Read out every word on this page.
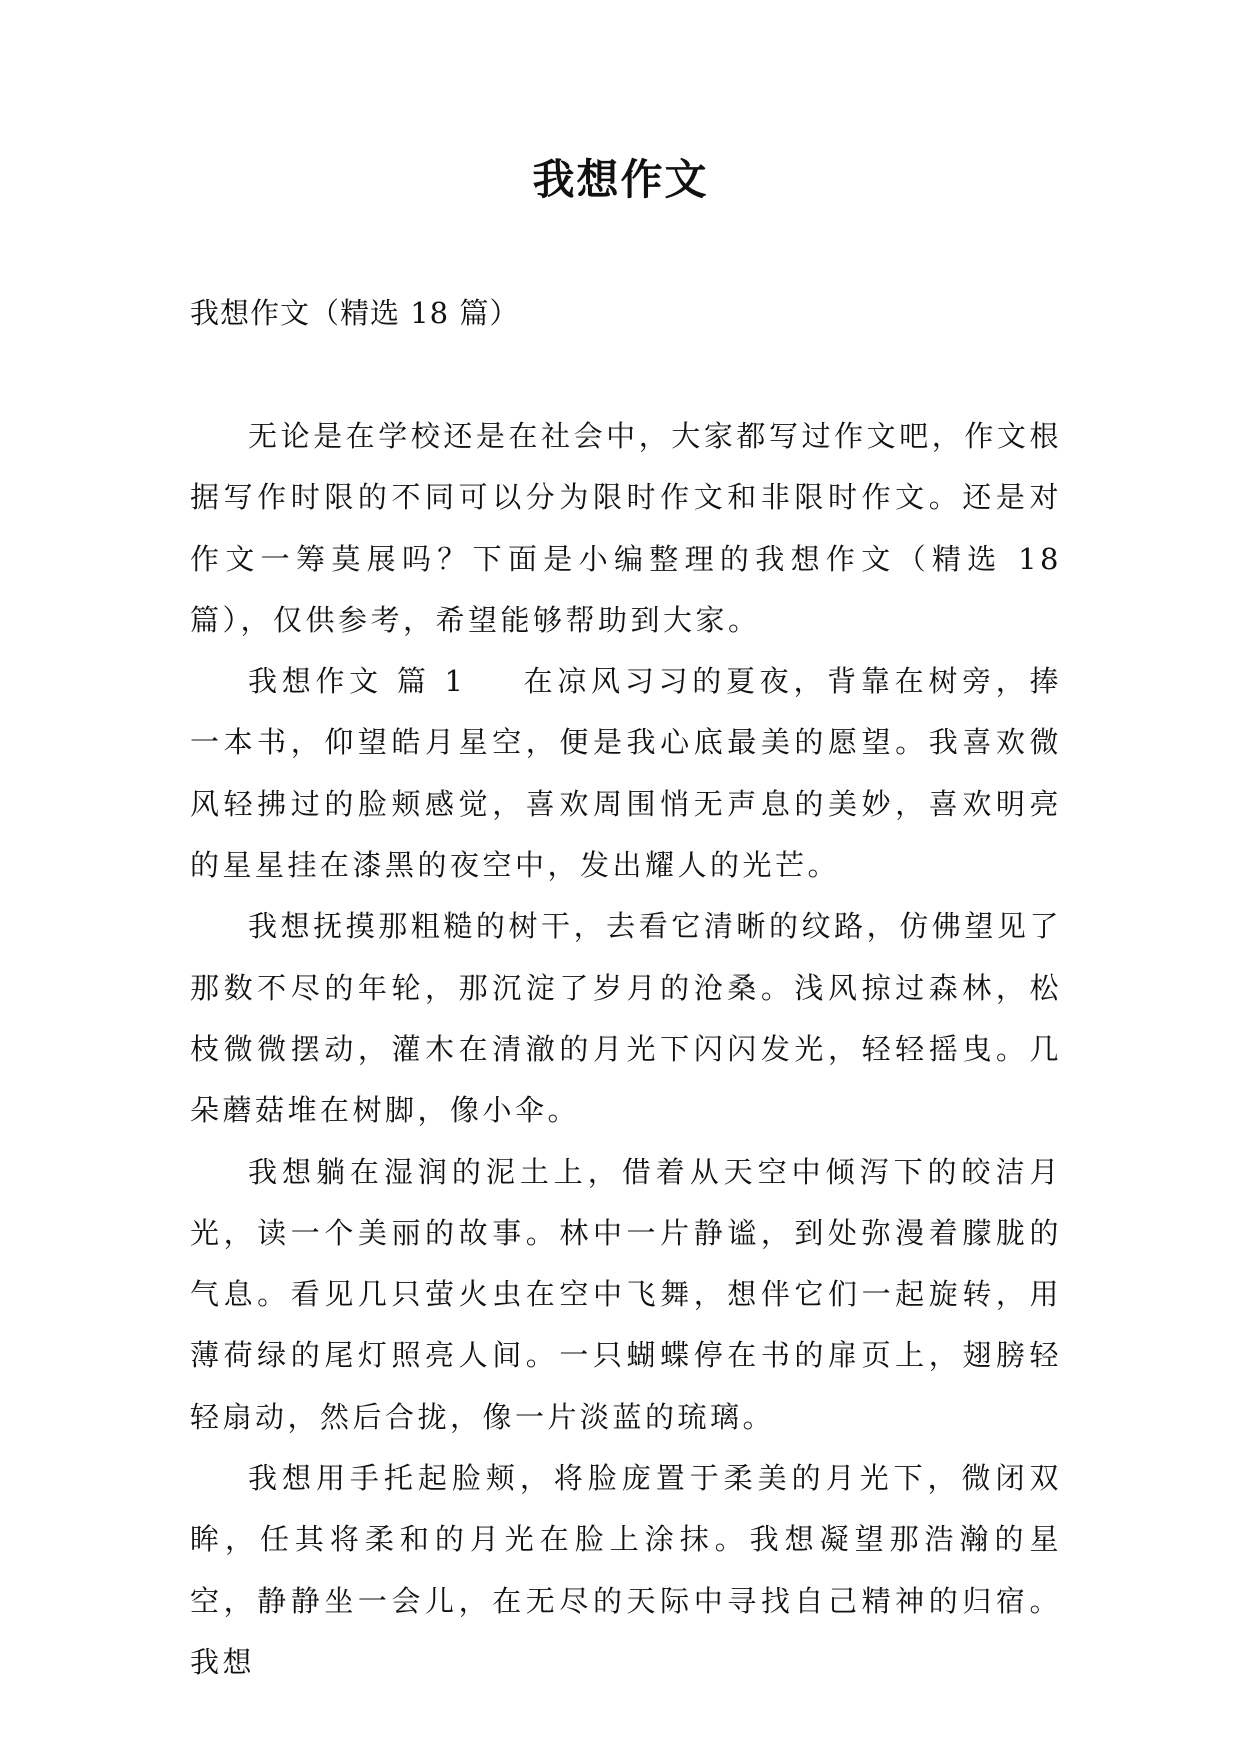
我想作文
我想作文（精选 18 篇）

无论是在学校还是在社会中，大家都写过作文吧，作文根据写作时限的不同可以分为限时作文和非限时作文。还是对作文一筹莫展吗？下面是小编整理的我想作文（精选 18 篇），仅供参考，希望能够帮助到大家。

我想作文 篇 1 在凉风习习的夏夜，背靠在树旁，捧一本书，仰望皓月星空，便是我心底最美的愿望。我喜欢微风轻拂过的脸颊感觉，喜欢周围悄无声息的美妙，喜欢明亮的星星挂在漆黑的夜空中，发出耀人的光芒。

我想抚摸那粗糙的树干，去看它清晰的纹路，仿佛望见了那数不尽的年轮，那沉淀了岁月的沧桑。浅风掠过森林，松枝微微摆动，灌木在清澈的月光下闪闪发光，轻轻摇曳。几朵蘑菇堆在树脚，像小伞。

我想躺在湿润的泥土上，借着从天空中倾泻下的皎洁月光，读一个美丽的故事。林中一片静谧，到处弥漫着朦胧的气息。看见几只萤火虫在空中飞舞，想伴它们一起旋转，用薄荷绿的尾灯照亮人间。一只蝴蝶停在书的扉页上，翅膀轻轻扇动，然后合拢，像一片淡蓝的琉璃。

我想用手托起脸颊，将脸庞置于柔美的月光下，微闭双眸，任其将柔和的月光在脸上涂抹。我想凝望那浩瀚的星空，静静坐一会儿，在无尽的天际中寻找自己精神的归宿。我想
